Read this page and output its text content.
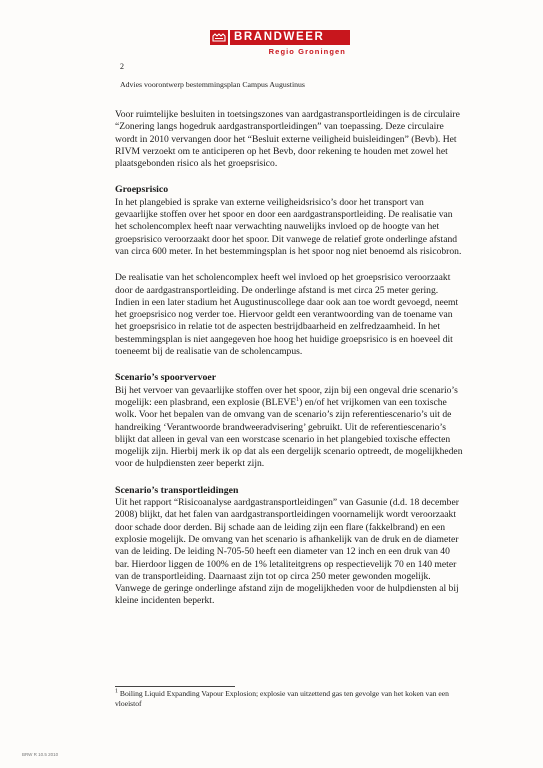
BRANDWEER
Regio Groningen
2
Advies voorontwerp bestemmingsplan Campus Augustinus

Voor ruimtelijke besluiten in toetsingszones van aardgastransportleidingen is de circulaire “Zonering langs hogedruk aardgastransportleidingen” van toepassing. Deze circulaire wordt in 2010 vervangen door het “Besluit externe veiligheid buisleidingen” (Bevb). Het RIVM verzoekt om te anticiperen op het Bevb, door rekening te houden met zowel het plaatsgebonden risico als het groepsrisico.

Groepsrisico

In het plangebied is sprake van externe veiligheidsrisico’s door het transport van gevaarlijke stoffen over het spoor en door een aardgastransportleiding. De realisatie van het scholencomplex heeft naar verwachting nauwelijks invloed op de hoogte van het groepsrisico veroorzaakt door het spoor. Dit vanwege de relatief grote onderlinge afstand van circa 600 meter. In het bestemmingsplan is het spoor nog niet benoemd als risicobron.

De realisatie van het scholencomplex heeft wel invloed op het groepsrisico veroorzaakt door de aardgastransportleiding. De onderlinge afstand is met circa 25 meter gering. Indien in een later stadium het Augustinuscollege daar ook aan toe wordt gevoegd, neemt het groepsrisico nog verder toe. Hiervoor geldt een verantwoording van de toename van het groepsrisico in relatie tot de aspecten bestrijdbaarheid en zelfredzaamheid. In het bestemmingsplan is niet aangegeven hoe hoog het huidige groepsrisico is en hoeveel dit toeneemt bij de realisatie van de scholencampus.

Scenario’s spoorvervoer

Bij het vervoer van gevaarlijke stoffen over het spoor, zijn bij een ongeval drie scenario’s mogelijk: een plasbrand, een explosie (BLEVE$^1$) en/of het vrijkomen van een toxische wolk. Voor het bepalen van de omvang van de scenario’s zijn referentiescenario’s uit de handreiking ‘Verantwoorde brandweeradvisering’ gebruikt. Uit de referentiescenario’s blijkt dat alleen in geval van een worstcase scenario in het plangebied toxische effecten mogelijk zijn. Hierbij merk ik op dat als een dergelijk scenario optreedt, de mogelijkheden voor de hulpdiensten zeer beperkt zijn.

Scenario’s transportleidingen

Uit het rapport “Risicoanalyse aardgastransportleidingen” van Gasunie (d.d. 18 december 2008) blijkt, dat het falen van aardgastransportleidingen voornamelijk wordt veroorzaakt door schade door derden. Bij schade aan de leiding zijn een flare (fakkelbrand) en een explosie mogelijk. De omvang van het scenario is afhankelijk van de druk en de diameter van de leiding. De leiding N-705-50 heeft een diameter van 12 inch en een druk van 40 bar. Hierdoor liggen de 100% en de 1% letaliteitgrens op respectievelijk 70 en 140 meter van de transportleiding. Daarnaast zijn tot op circa 250 meter gewonden mogelijk. Vanwege de geringe onderlinge afstand zijn de mogelijkheden voor de hulpdiensten al bij kleine incidenten beperkt.

$^1$ Boiling Liquid Expanding Vapour Explosion; explosie van uitzettend gas ten gevolge van het koken van een vloeistof
BRW R 10.5 2010
